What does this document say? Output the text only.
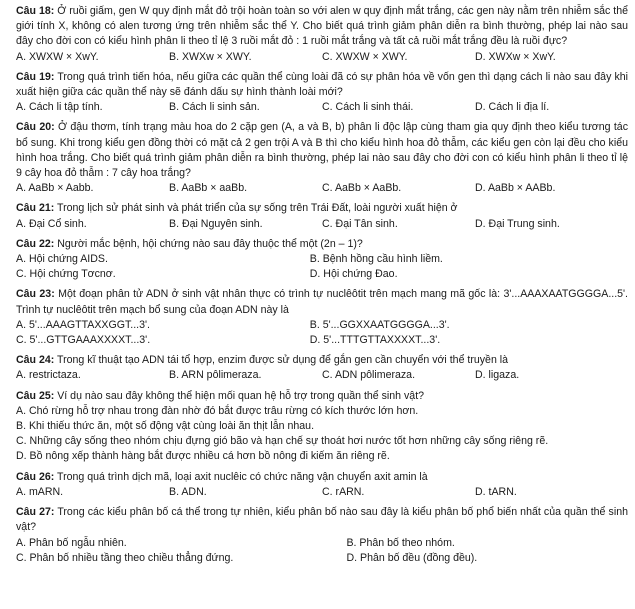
Câu 18: Ở ruồi giấm, gen W quy định mắt đỏ trội hoàn toàn so với alen w quy định mắt trắng, các gen này nằm trên nhiễm sắc thể giới tính X, không có alen tương ứng trên nhiễm sắc thể Y. Cho biết quá trình giảm phân diễn ra bình thường, phép lai nào sau đây cho đời con có kiểu hình phân li theo tỉ lệ 3 ruồi mắt đỏ : 1 ruồi mắt trắng và tất cả ruồi mắt trắng đều là ruồi đực?

A. XWXW × XwY.	B. XWXw × XWY.	C. XWXW × XWY.	D. XWXw × XwY.

Câu 19: Trong quá trình tiến hóa, nếu giữa các quần thể cùng loài đã có sự phân hóa về vốn gen thì dạng cách li nào sau đây khi xuất hiện giữa các quần thể này sẽ đánh dấu sự hình thành loài mới?

A. Cách li tập tính.	B. Cách li sinh sản.	C. Cách li sinh thái.	D. Cách li địa lí.

Câu 20: Ở đậu thơm, tính trạng màu hoa do 2 cặp gen (A, a và B, b) phân li độc lập cùng tham gia quy định theo kiểu tương tác bổ sung. Khi trong kiểu gen đồng thời có mặt cả 2 gen trội A và B thì cho kiểu hình hoa đỏ thẫm, các kiểu gen còn lại đều cho kiểu hình hoa trắng. Cho biết quá trình giảm phân diễn ra bình thường, phép lai nào sau đây cho đời con có kiểu hình phân li theo tỉ lệ 9 cây hoa đỏ thẫm : 7 cây hoa trắng?

A. AaBb × Aabb.	B. AaBb × aaBb.	C. AaBb × AaBb.	D. AaBb × AABb.

Câu 21: Trong lịch sử phát sinh và phát triển của sự sống trên Trái Đất, loài người xuất hiện ở

A. Đại Cổ sinh.	B. Đại Nguyên sinh.	C. Đại Tân sinh.	D. Đại Trung sinh.

Câu 22: Người mắc bệnh, hội chứng nào sau đây thuộc thể một (2n – 1)?

A. Hội chứng AIDS.	B. Bệnh hồng cầu hình liềm.
C. Hội chứng Tơcnơ.	D. Hội chứng Đao.

Câu 23: Một đoạn phân tử ADN ở sinh vật nhân thực có trình tự nuclêôtit trên mạch mang mã gốc là: 3'...AAAXAATGGGGA...5'. Trình tự nuclêôtit trên mạch bổ sung của đoạn ADN này là

A. 5'...AAAGTTAXXGGT...3'.	B. 5'...GGXXAATGGGGA...3'.
C. 5'...GTTGAAAXXXXT...3'.	D. 5'...TTTGTTAXXXXT...3'.

Câu 24: Trong kĩ thuật tạo ADN tái tổ hợp, enzim được sử dụng để gắn gen cần chuyển với thể truyền là

A. restrictaza.	B. ARN pôlimeraza.	C. ADN pôlimeraza.	D. ligaza.

Câu 25: Ví dụ nào sau đây không thể hiện mối quan hệ hỗ trợ trong quần thể sinh vật?

A. Chó rừng hỗ trợ nhau trong đàn nhờ đó bắt được trâu rừng có kích thước lớn hơn.
B. Khi thiếu thức ăn, một số động vật cùng loài ăn thịt lẫn nhau.
C. Những cây sống theo nhóm chịu đựng gió bão và hạn chế sự thoát hơi nước tốt hơn những cây sống riêng rẽ.
D. Bồ nông xếp thành hàng bắt được nhiều cá hơn bồ nông đi kiếm ăn riêng rẽ.

Câu 26: Trong quá trình dịch mã, loại axit nuclêic có chức năng vận chuyển axit amin là

A. mARN.	B. ADN.	C. rARN.	D. tARN.

Câu 27: Trong các kiểu phân bố cá thể trong tự nhiên, kiểu phân bố nào sau đây là kiểu phân bố phổ biến nhất của quần thể sinh vật?

A. Phân bố ngẫu nhiên.	B. Phân bố theo nhóm.
C. Phân bố nhiều tầng theo chiều thẳng đứng.	D. Phân bố đều (đồng đều).
